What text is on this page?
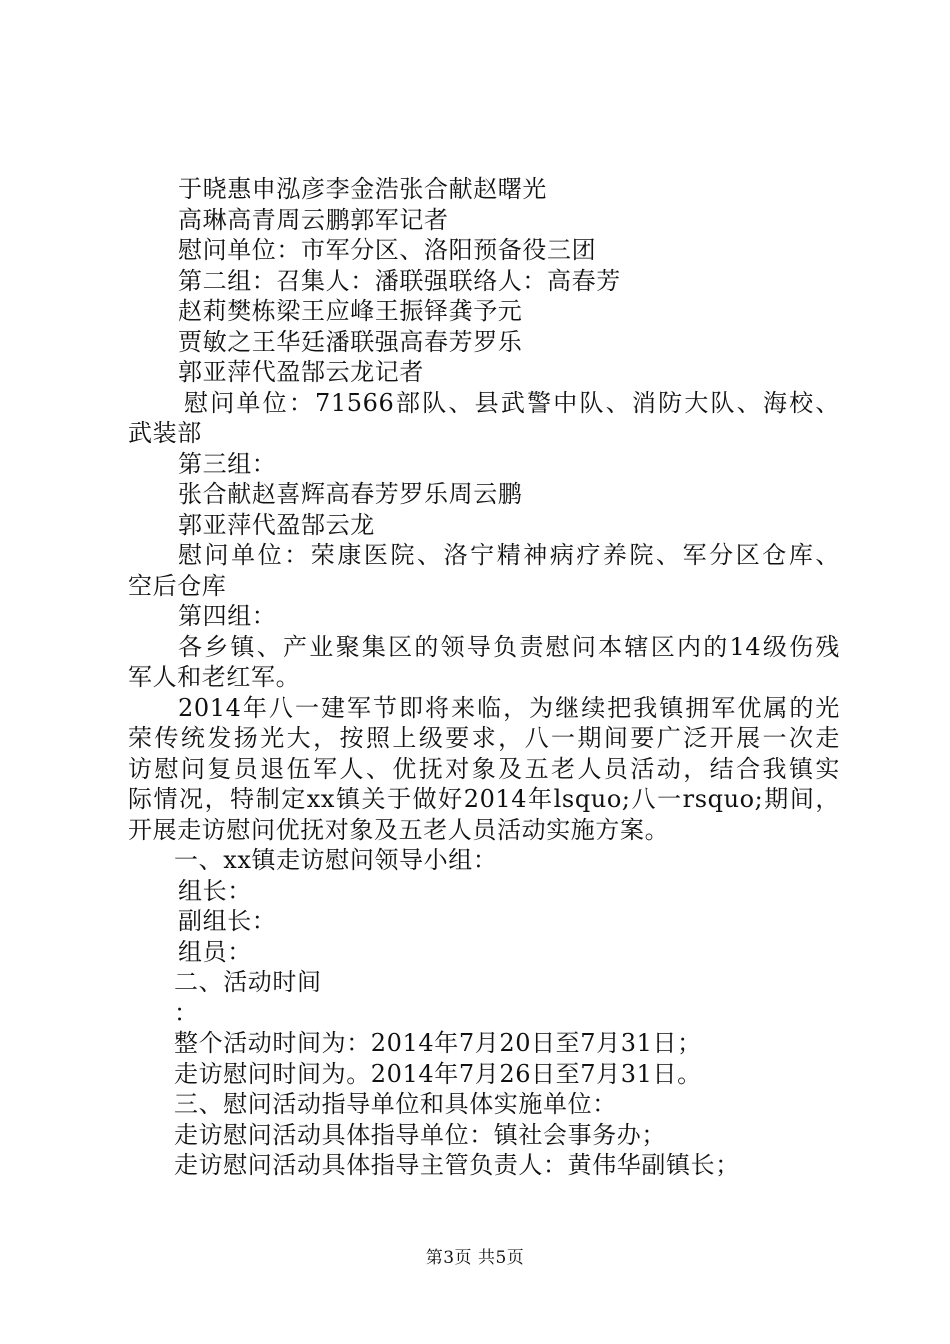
于晓惠申泓彦李金浩张合献赵曙光
高琳高青周云鹏郭军记者
慰问单位：市军分区、洛阳预备役三团
第二组：召集人：潘联强联络人：高春芳
赵莉樊栋梁王应峰王振铎龚予元
贾敏之王华廷潘联强高春芳罗乐
郭亚萍代盈郜云龙记者
慰问单位：71566部队、县武警中队、消防大队、海校、
武装部
第三组：
张合献赵喜辉高春芳罗乐周云鹏
郭亚萍代盈郜云龙
慰问单位：荣康医院、洛宁精神病疗养院、军分区仓库、
空后仓库
第四组：
各乡镇、产业聚集区的领导负责慰问本辖区内的14级伤残
军人和老红军。
2014年八一建军节即将来临，为继续把我镇拥军优属的光
荣传统发扬光大，按照上级要求，八一期间要广泛开展一次走
访慰问复员退伍军人、优抚对象及五老人员活动，结合我镇实
际情况，特制定xx镇关于做好2014年lsquo;八一rsquo;期间，
开展走访慰问优抚对象及五老人员活动实施方案。
一、xx镇走访慰问领导小组：
组长：
副组长：
组员：
二、活动时间
：
整个活动时间为：2014年7月20日至7月31日；
走访慰问时间为。2014年7月26日至7月31日。
三、慰问活动指导单位和具体实施单位：
走访慰问活动具体指导单位：镇社会事务办；
走访慰问活动具体指导主管负责人：黄伟华副镇长；
第3页 共5页
